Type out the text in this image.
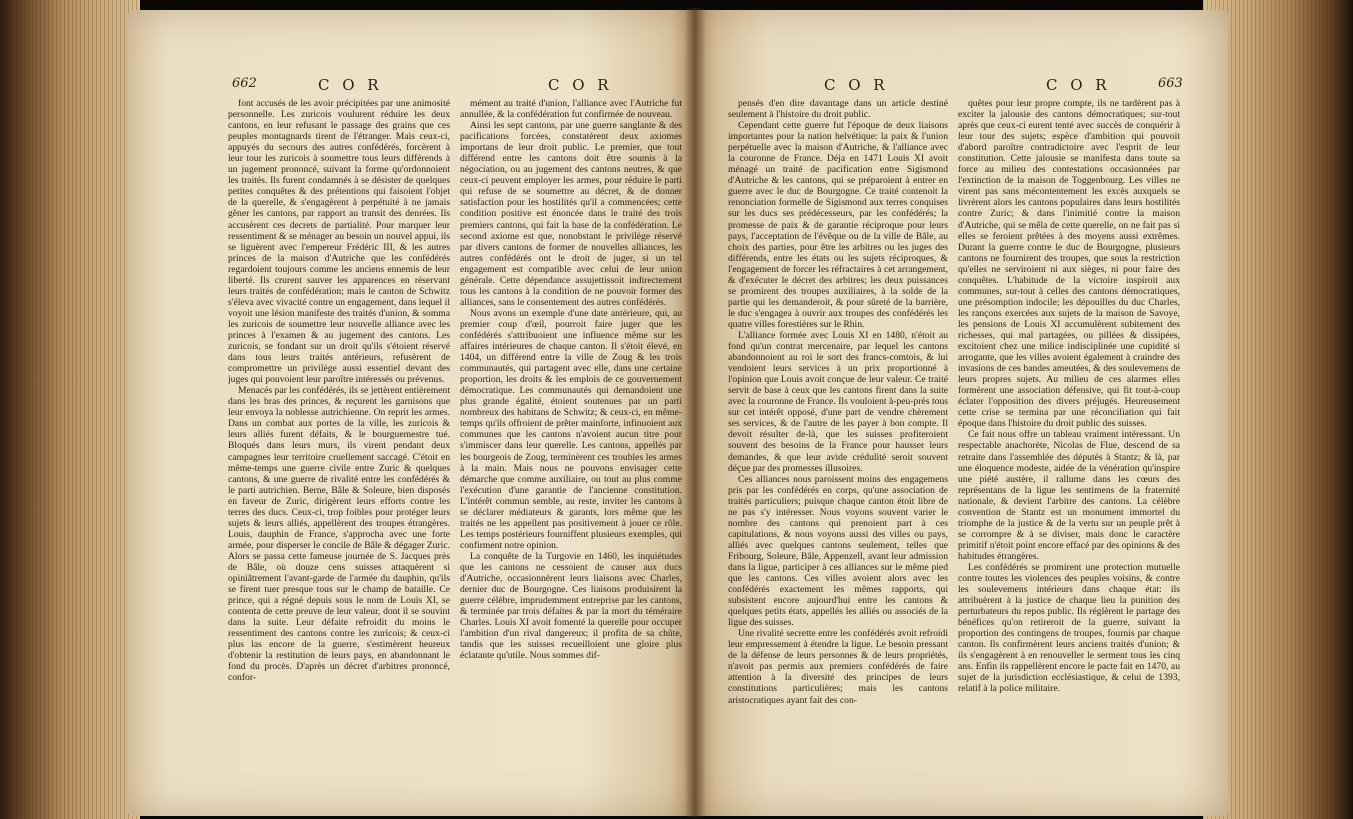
662	C O R	C O R

font accusés de les avoir précipitées par une animosité personnelle. Les zuricois voulurent réduire les deux cantons, en leur refusant le passage des grains que ces peuples montagnards tirent de l'étranger. Mais ceux-ci, appuyés du secours des autres confédérés, forcèrent à leur tour les zuricois à soumettre tous leurs différends à un jugement prononcé, suivant la forme qu'ordonnoient les traités. Ils furent condamnés à se désister de quelques petites conquêtes & des prétentions qui faisoient l'objet de la querelle, & s'engagèrent à perpétuité à ne jamais gêner les cantons, par rapport au transit des denrées. Ils accusèrent ces decrets de partialité. Pour marquer leur ressentiment & se ménager au besoin un nouvel appui, ils se liguèrent avec l'empereur Frédéric III, & les autres princes de la maison d'Autriche que les confédérés regardoient toujours comme les anciens ennemis de leur liberté. Ils crurent sauver les apparences en réservant leurs traités de confédération; mais le canton de Schwitz s'éleva avec vivacité contre un engagement, dans lequel il voyoit une lésion manifeste des traités d'union, & somma les zuricois de soumettre leur nouvelle alliance avec les princes à l'examen & au jugement des cantons. Les zuricois, se fondant sur un droit qu'ils s'étoient réservé dans tous leurs traités antérieurs, refusèrent de compromettre un privilège aussi essentiel devant des juges qui pouvoient leur paroître intéressés ou prévenus.

Menacés par les confédérés, ils se jettèrent entièrement dans les bras des princes, & reçurent les garnisons que leur envoya la noblesse autrichienne. On reprit les armes. Dans un combat aux portes de la ville, les zuricois & leurs alliés furent défaits, & le bourguemestre tué. Bloqués dans leurs murs, ils virent pendant deux campagnes leur territoire cruellement saccagé. C'étoit en même-temps une guerre civile entre Zuric & quelques cantons, & une guerre de rivalité entre les confédérés & le parti autrichien. Berne, Bâle & Soleure, bien disposés en faveur de Zuric, dirigèrent leurs efforts contre les terres des ducs. Ceux-ci, trop foibles pour protéger leurs sujets & leurs alliés, appellèrent des troupes étrangères. Louis, dauphin de France, s'approcha avec une forte armée, pour disperser le concile de Bâle & dégager Zuric. Alors se passa cette fameuse journée de S. Jacques près de Bâle, où douze cens suisses attaquèrent si opiniâtrement l'avant-garde de l'armée du dauphin, qu'ils se firent tuer presque tous sur le champ de bataille. Ce prince, qui a régné depuis sous le nom de Louis XI, se contenta de cette preuve de leur valeur, dont il se souvint dans la suite. Leur défaite refroidit du moins le ressentiment des cantons contre les zuricois; & ceux-ci plus las encore de la guerre, s'estimèrent heureux d'obtenir la restitution de leurs pays, en abandonnant le fond du procès. D'après un décret d'arbitres prononcé, confor-

mément au traité d'union, l'alliance avec l'Autriche fut annullée, & la confédération fut confirmée de nouveau.

Ainsi les sept cantons, par une guerre sanglante & des pacifications forcées, constatèrent deux axiomes importans de leur droit public. Le premier, que tout différend entre les cantons doit être soumis à la négociation, ou au jugement des cantons neutres, & que ceux-ci peuvent employer les armes, pour réduire le parti qui refuse de se soumettre au décret, & de donner satisfaction pour les hostilités qu'il a commencées; cette condition positive est énoncée dans le traité des trois premiers cantons, qui fait la base de la confédération. Le second axiome est que, nonobstant le privilège réservé par divers cantons de former de nouvelles alliances, les autres confédérés ont le droit de juger, si un tel engagement est compatible avec celui de leur union générale. Cette dépendance assujettissoit indirectement tous les cantons à la condition de ne pouvoir former des alliances, sans le consentement des autres confédérés.

Nous avons un exemple d'une date antérieure, qui, au premier coup d'œil, pourroit faire juger que les confédérés s'attribuoient une influence même sur les affaires intérieures de chaque canton. Il s'étoit élevé, en 1404, un différend entre la ville de Zoug & les trois communautés, qui partagent avec elle, dans une certaine proportion, les droits & les emplois de ce gouvernement démocratique. Les communautés qui demandoient une plus grande égalité, étoient soutenues par un parti nombreux des habitans de Schwitz; & ceux-ci, en même-temps qu'ils offroient de prêter mainforte, infinuoient aux communes que les cantons n'avoient aucun titre pour s'immiscer dans leur querelle. Les cantons, appellés par les bourgeois de Zoug, terminèrent ces troubles les armes à la main. Mais nous ne pouvons envisager cette démarche que comme auxiliaire, ou tout au plus comme l'exécution d'une garantie de l'ancienne constitution. L'intérêt commun semble, au reste, inviter les cantons à se déclarer médiateurs & garants, lors même que les traités ne les appellent pas positivement à jouer ce rôle. Les temps postérieurs fourniffent plusieurs exemples, qui confirment notre opinion.

La conquête de la Turgovie en 1460, les inquiétudes que les cantons ne cessoient de causer aux ducs d'Autriche, occasionnèrent leurs liaisons avec Charles, dernier duc de Bourgogne. Ces liaisons produisirent la guerre célèbre, imprudemment entreprise par les cantons, & terminée par trois défaites & par la mort du téméraire Charles. Louis XI avoit fomenté la querelle pour occuper l'ambition d'un rival dangereux; il profita de sa chûte, tandis que les suisses recueilloient une gloire plus éclatante qu'utile. Nous sommes dif-

C O R	C O R	663

pensés d'en dire davantage dans un article destiné seulement à l'histoire du droit public.

Cependant cette guerre fut l'époque de deux liaisons importantes pour la nation helvétique: la paix & l'union perpétuelle avec la maison d'Autriche, & l'alliance avec la couronne de France. Déja en 1471 Louis XI avoit ménagé un traité de pacification entre Sigismond d'Autriche & les cantons, qui se préparoient à entrer en guerre avec le duc de Bourgogne. Ce traité contenoit la renonciation formelle de Sigismond aux terres conquises sur les ducs ses prédécesseurs, par les confédérés; la promesse de paix & de garantie réciproque pour leurs pays, l'acceptation de l'évêque ou de la ville de Bâle, au choix des parties, pour être les arbitres ou les juges des différends, entre les états ou les sujets réciproques, & l'engagement de forcer les réfractaires à cet arrangement, & d'exécuter le décret des arbitres; les deux puissances se promirent des troupes auxiliaires, à la solde de la partie qui les demanderoit, & pour sûreté de la barrière, le duc s'engagea à ouvrir aux troupes des confédérés les quatre villes forestières sur le Rhin.

L'alliance formée avec Louis XI en 1480, n'étoit au fond qu'un contrat mercenaire, par lequel les cantons abandonnoient au roi le sort des francs-comtois, & lui vendoient leurs services à un prix proportionné à l'opinion que Louis avoit conçue de leur valeur. Ce traité servit de base à ceux que les cantons firent dans la suite avec la couronne de France. Ils vouloient à-peu-près tous sur cet intérêt opposé, d'une part de vendre chèrement ses services, & de l'autre de les payer à bon compte. Il devoit résulter de-là, que les suisses profiteroient souvent des besoins de la France pour hausser leurs demandes, & que leur avide crédulité seroit souvent déçue par des promesses illusoires.

Ces alliances nous paroissent moins des engagemens pris par les confédérés en corps, qu'une association de traités particuliers; puisque chaque canton étoit libre de ne pas s'y intéresser. Nous voyons souvent varier le nombre des cantons qui prenoient part à ces capitulations, & nous voyons aussi des villes ou pays, alliés avec quelques cantons seulement, telles que Fribourg, Soleure, Bâle, Appenzell, avant leur admission dans la ligue, participer à ces alliances sur le même pied que les cantons. Ces villes avoient alors avec les confédérés exactement les mêmes rapports, qui subsistent encore aujourd'hui entre les cantons & quelques petits états, appellés les alliés ou associés de la ligue des suisses.

Une rivalité secrette entre les confédérés avoit refroidi leur empressement à étendre la ligue. Le besoin pressant de la défense de leurs personnes & de leurs propriétés, n'avoit pas permis aux premiers confédérés de faire attention à la diversité des principes de leurs constitutions particulières; mais les cantons aristocratiques ayant fait des con-

quêtes pour leur propre compte, ils ne tardèrent pas à exciter la jalousie des cantons démocratiques; sur-tout après que ceux-ci eurent tenté avec succès de conquérir à leur tour des sujets; espèce d'ambition qui pouvoit d'abord paroître contradictoire avec l'esprit de leur constitution. Cette jalousie se manifesta dans toute sa force au milieu des contestations occasionnées par l'extinction de la maison de Toggenbourg. Les villes ne virent pas sans mécontentement les excès auxquels se livrèrent alors les cantons populaires dans leurs hostilités contre Zuric; & dans l'inimitié contre la maison d'Autriche, qui se mêla de cette querelle, on ne fait pas si elles se feroient prêtées à des moyens aussi extrêmes. Durant la guerre contre le duc de Bourgogne, plusieurs cantons ne fournirent des troupes, que sous la restriction qu'elles ne serviroient ni aux sièges, ni pour faire des conquêtes. L'habitude de la victoire inspiroit aux communes, sur-tout à celles des cantons démocratiques, une présomption indocile; les dépouilles du duc Charles, les rançons exercées aux sujets de la maison de Savoye, les pensions de Louis XI accumulèrent subitement des richesses, qui mal partagées, ou pillées & dissipées, excitoient chez une milice indisciplinée une cupidité si arrogante, que les villes avoient également à craindre des invasions de ces bandes ameutées, & des soulevemens de leurs propres sujets. Au milieu de ces alarmes elles formèrent une association défensive, qui fit tout-à-coup éclater l'opposition des divers préjugés. Heureusement cette crise se termina par une réconciliation qui fait époque dans l'histoire du droit public des suisses.

Ce fait nous offre un tableau vraiment intéressant. Un respectable anachorète, Nicolas de Flue, descend de sa retraite dans l'assemblée des députés à Stantz; & là, par une éloquence modeste, aidée de la vénération qu'inspire une piété austère, il rallume dans les cœurs des représentans de la ligue les sentimens de la fraternité nationale, & devient l'arbitre des cantons. La célèbre convention de Stantz est un monument immortel du triomphe de la justice & de la vertu sur un peuple prêt à se corrompre & à se diviser, mais donc le caractère primitif n'étoit point encore effacé par des opinions & des habitudes étrangères.

Les confédérés se promirent une protection mutuelle contre toutes les violences des peuples voisins, & contre les soulevemens intérieurs dans chaque état: ils attribuèrent à la justice de chaque lieu la punition des perturbateurs du repos public. Ils réglèrent le partage des bénéfices qu'on retireroit de la guerre, suivant la proportion des contingens de troupes, fournis par chaque canton. Ils confirmèrent leurs anciens traités d'union; & ils s'engagèrent à en renouveller le serment tous les cinq ans. Enfin ils rappellèrent encore le pacte fait en 1470, au sujet de la jurisdiction ecclésiastique, & celui de 1393, relatif à la police militaire.
